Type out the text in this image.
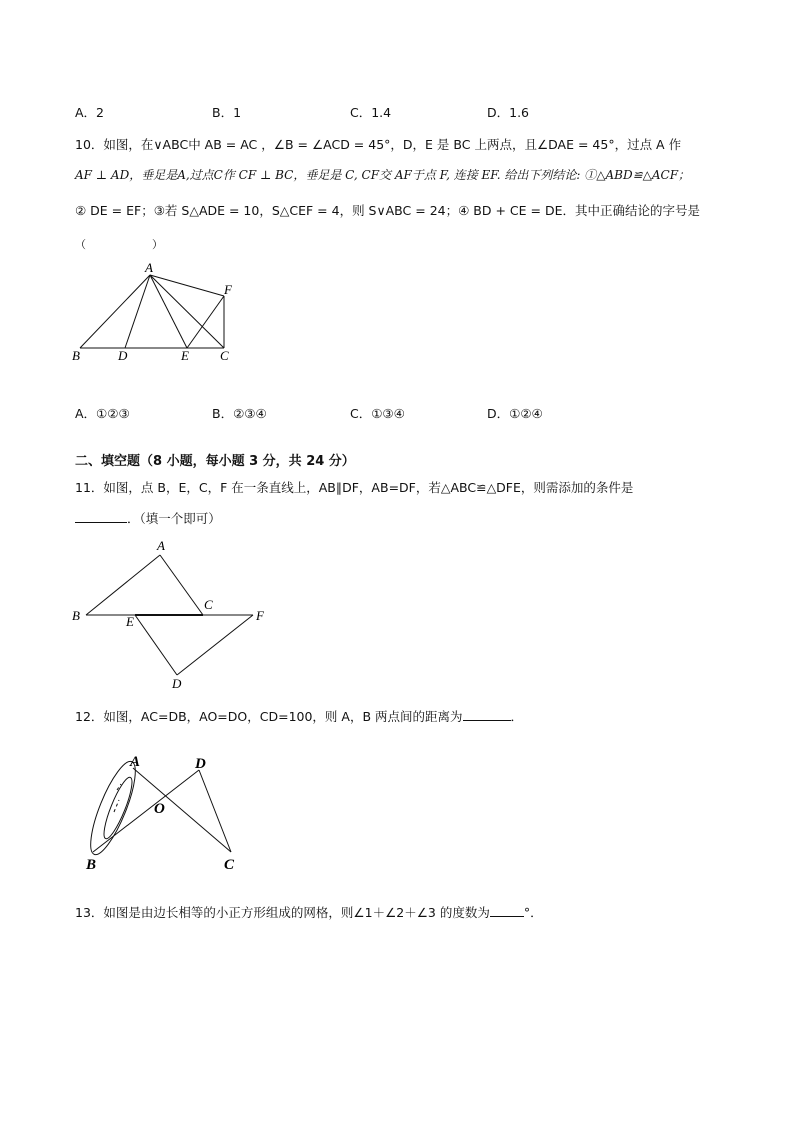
A．2	B．1	C．1.4	D．1.6
10．如图，在∨ABC中 AB = AC ，∠B = ∠ACD = 45°，D，E 是 BC 上两点，且∠DAE = 45°，过点 A 作
AF ⊥ AD，垂足是A,过点C作 CF ⊥ BC，垂足是 C, CF交 AF于点 F, 连接 EF. 给出下列结论: ①△ABD≌△ACF；
② DE = EF；③若 S△ADE = 10，S△CEF = 4，则 S∨ABC = 24；④ BD + CE = DE．其中正确结论的字号是
（　　　　　　）
A
B	D	E C
F
A．①②③	B．②③④	C．①③④	D．①②④
二、填空题（8 小题，每小题 3 分，共 24 分）
11．如图，点 B，E，C，F 在一条直线上，AB∥DF，AB=DF，若△ABC≌△DFE，则需添加的条件是
．（填一个即可）
A
B
C
E	F
D
12．如图，AC=DB，AO=DO，CD=100，则 A，B 两点间的距离为	．
A
B	C
D
O
13．如图是由边长相等的小正方形组成的网格，则∠1＋∠2＋∠3 的度数为	°．
